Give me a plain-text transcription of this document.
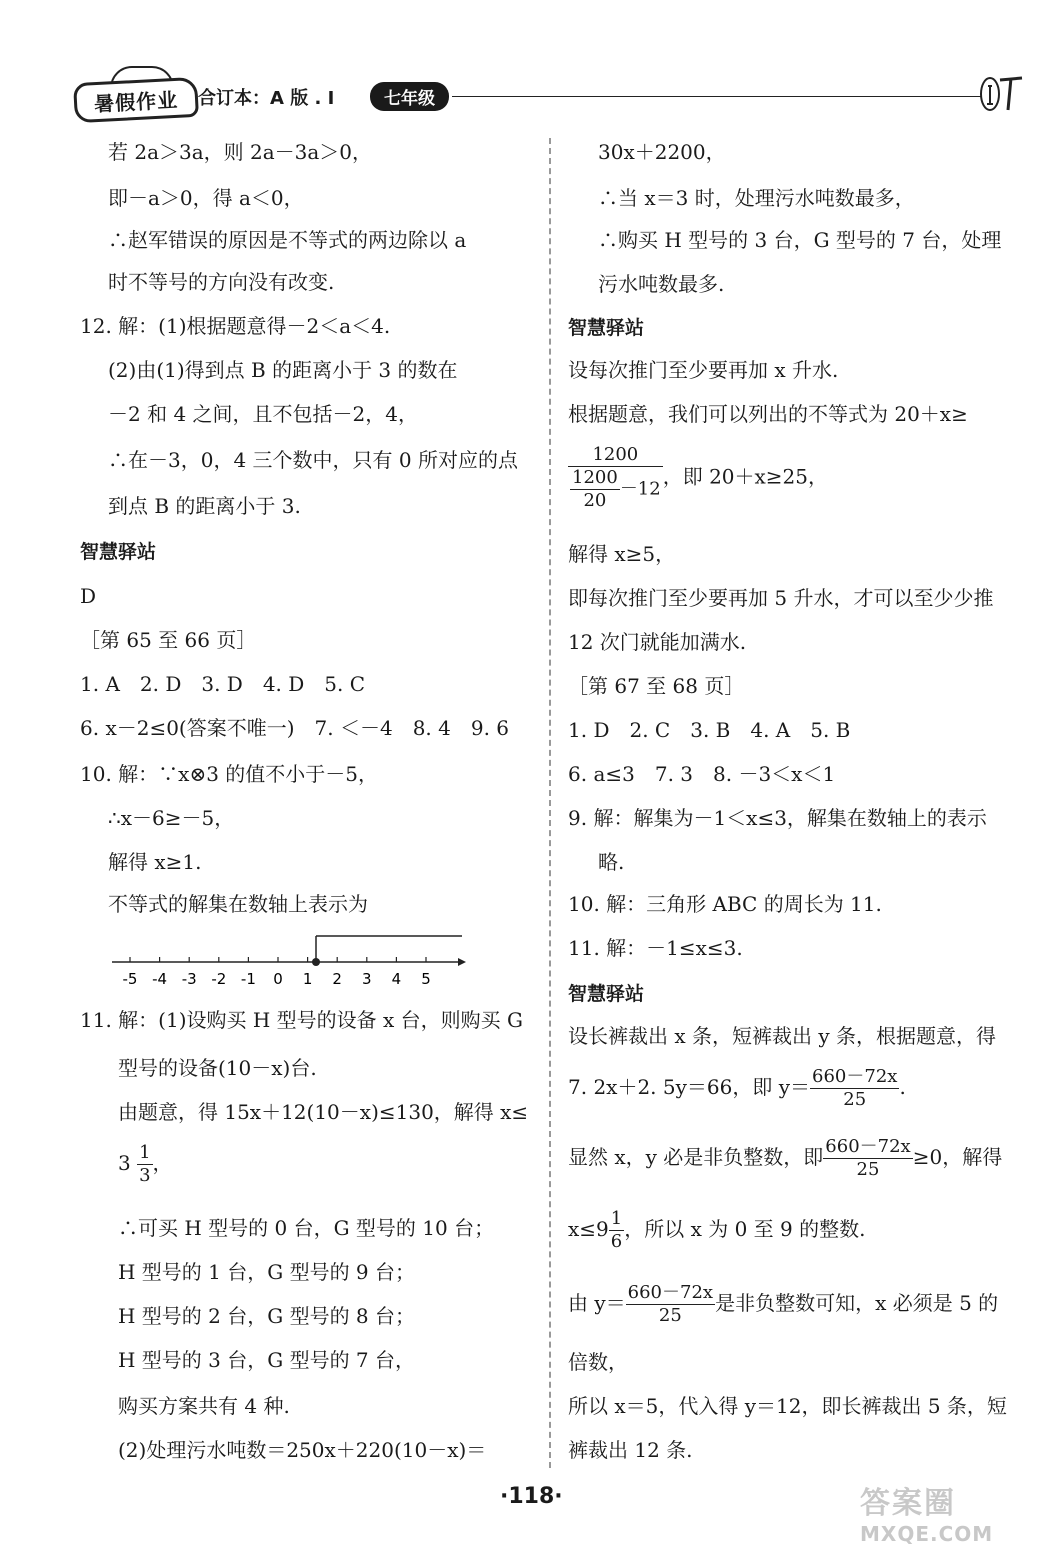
暑假作业 合订本：A 版 . I	七年级
若 2a＞3a，则 2a－3a＞0，
即－a＞0，得 a＜0，
∴赵军错误的原因是不等式的两边除以 a
时不等号的方向没有改变.
12. 解：(1)根据题意得－2＜a＜4.
(2)由(1)得到点 B 的距离小于 3 的数在
－2 和 4 之间，且不包括－2，4，
∴在－3，0，4 三个数中，只有 0 所对应的点
到点 B 的距离小于 3.
智慧驿站
D
［第 65 至 66 页］
1. A　2. D　3. D　4. D　5. C
6. x－2≤0(答案不唯一)　7. ＜－4　8. 4　9. 6
10. 解：∵x⊗3 的值不小于－5，
∴x－6≥－5，
解得 x≥1.
不等式的解集在数轴上表示为
-5 -4 -3 -2 -1 0 1 2 3 4 5
11. 解：(1)设购买 H 型号的设备 x 台，则购买 G
型号的设备(10－x)台.
由题意，得 15x＋12(10－x)≤130，解得 x≤
$3 \frac{1}{3}$ ，
∴可买 H 型号的 0 台，G 型号的 10 台；
H 型号的 1 台，G 型号的 9 台；
H 型号的 2 台，G 型号的 8 台；
H 型号的 3 台，G 型号的 7 台，
购买方案共有 4 种.
(2)处理污水吨数＝250x＋220(10－x)＝
30x＋2200，
∴当 x＝3 时，处理污水吨数最多，
∴购买 H 型号的 3 台，G 型号的 7 台，处理
污水吨数最多.
智慧驿站
设每次推门至少要再加 x 升水.
根据题意，我们可以列出的不等式为 20＋x≥
$\frac{1200}{\frac{1200}{20} -12}$ ，即 20＋x≥25，
解得 x≥5，
即每次推门至少要再加 5 升水，才可以至少少推
12 次门就能加满水.
［第 67 至 68 页］
1. D　2. C　3. B　4. A　5. B
6. a≤3　7. 3　8. －3＜x＜1
9. 解：解集为－1＜x≤3，解集在数轴上的表示
略.
10. 解：三角形 ABC 的周长为 11.
11. 解：－1≤x≤3.
智慧驿站
设长裤裁出 x 条，短裤裁出 y 条，根据题意，得
7. 2x＋2. 5y＝66，即 $y= \frac{660-72x}{25}$ .
显然 x，y 必是非负整数，即 $\frac{660-72x}{25} \ge 0$，解得
$x\le 9 \frac{1}{6}$ ，所以 x 为 0 至 9 的整数.
由 $y= \frac{660-72x}{25}$ 是非负整数可知，x 必须是 5 的
倍数，
所以 x＝5，代入得 y＝12，即长裤裁出 5 条，短
裤裁出 12 条.
·118·	答案圈
MXQE.COM
